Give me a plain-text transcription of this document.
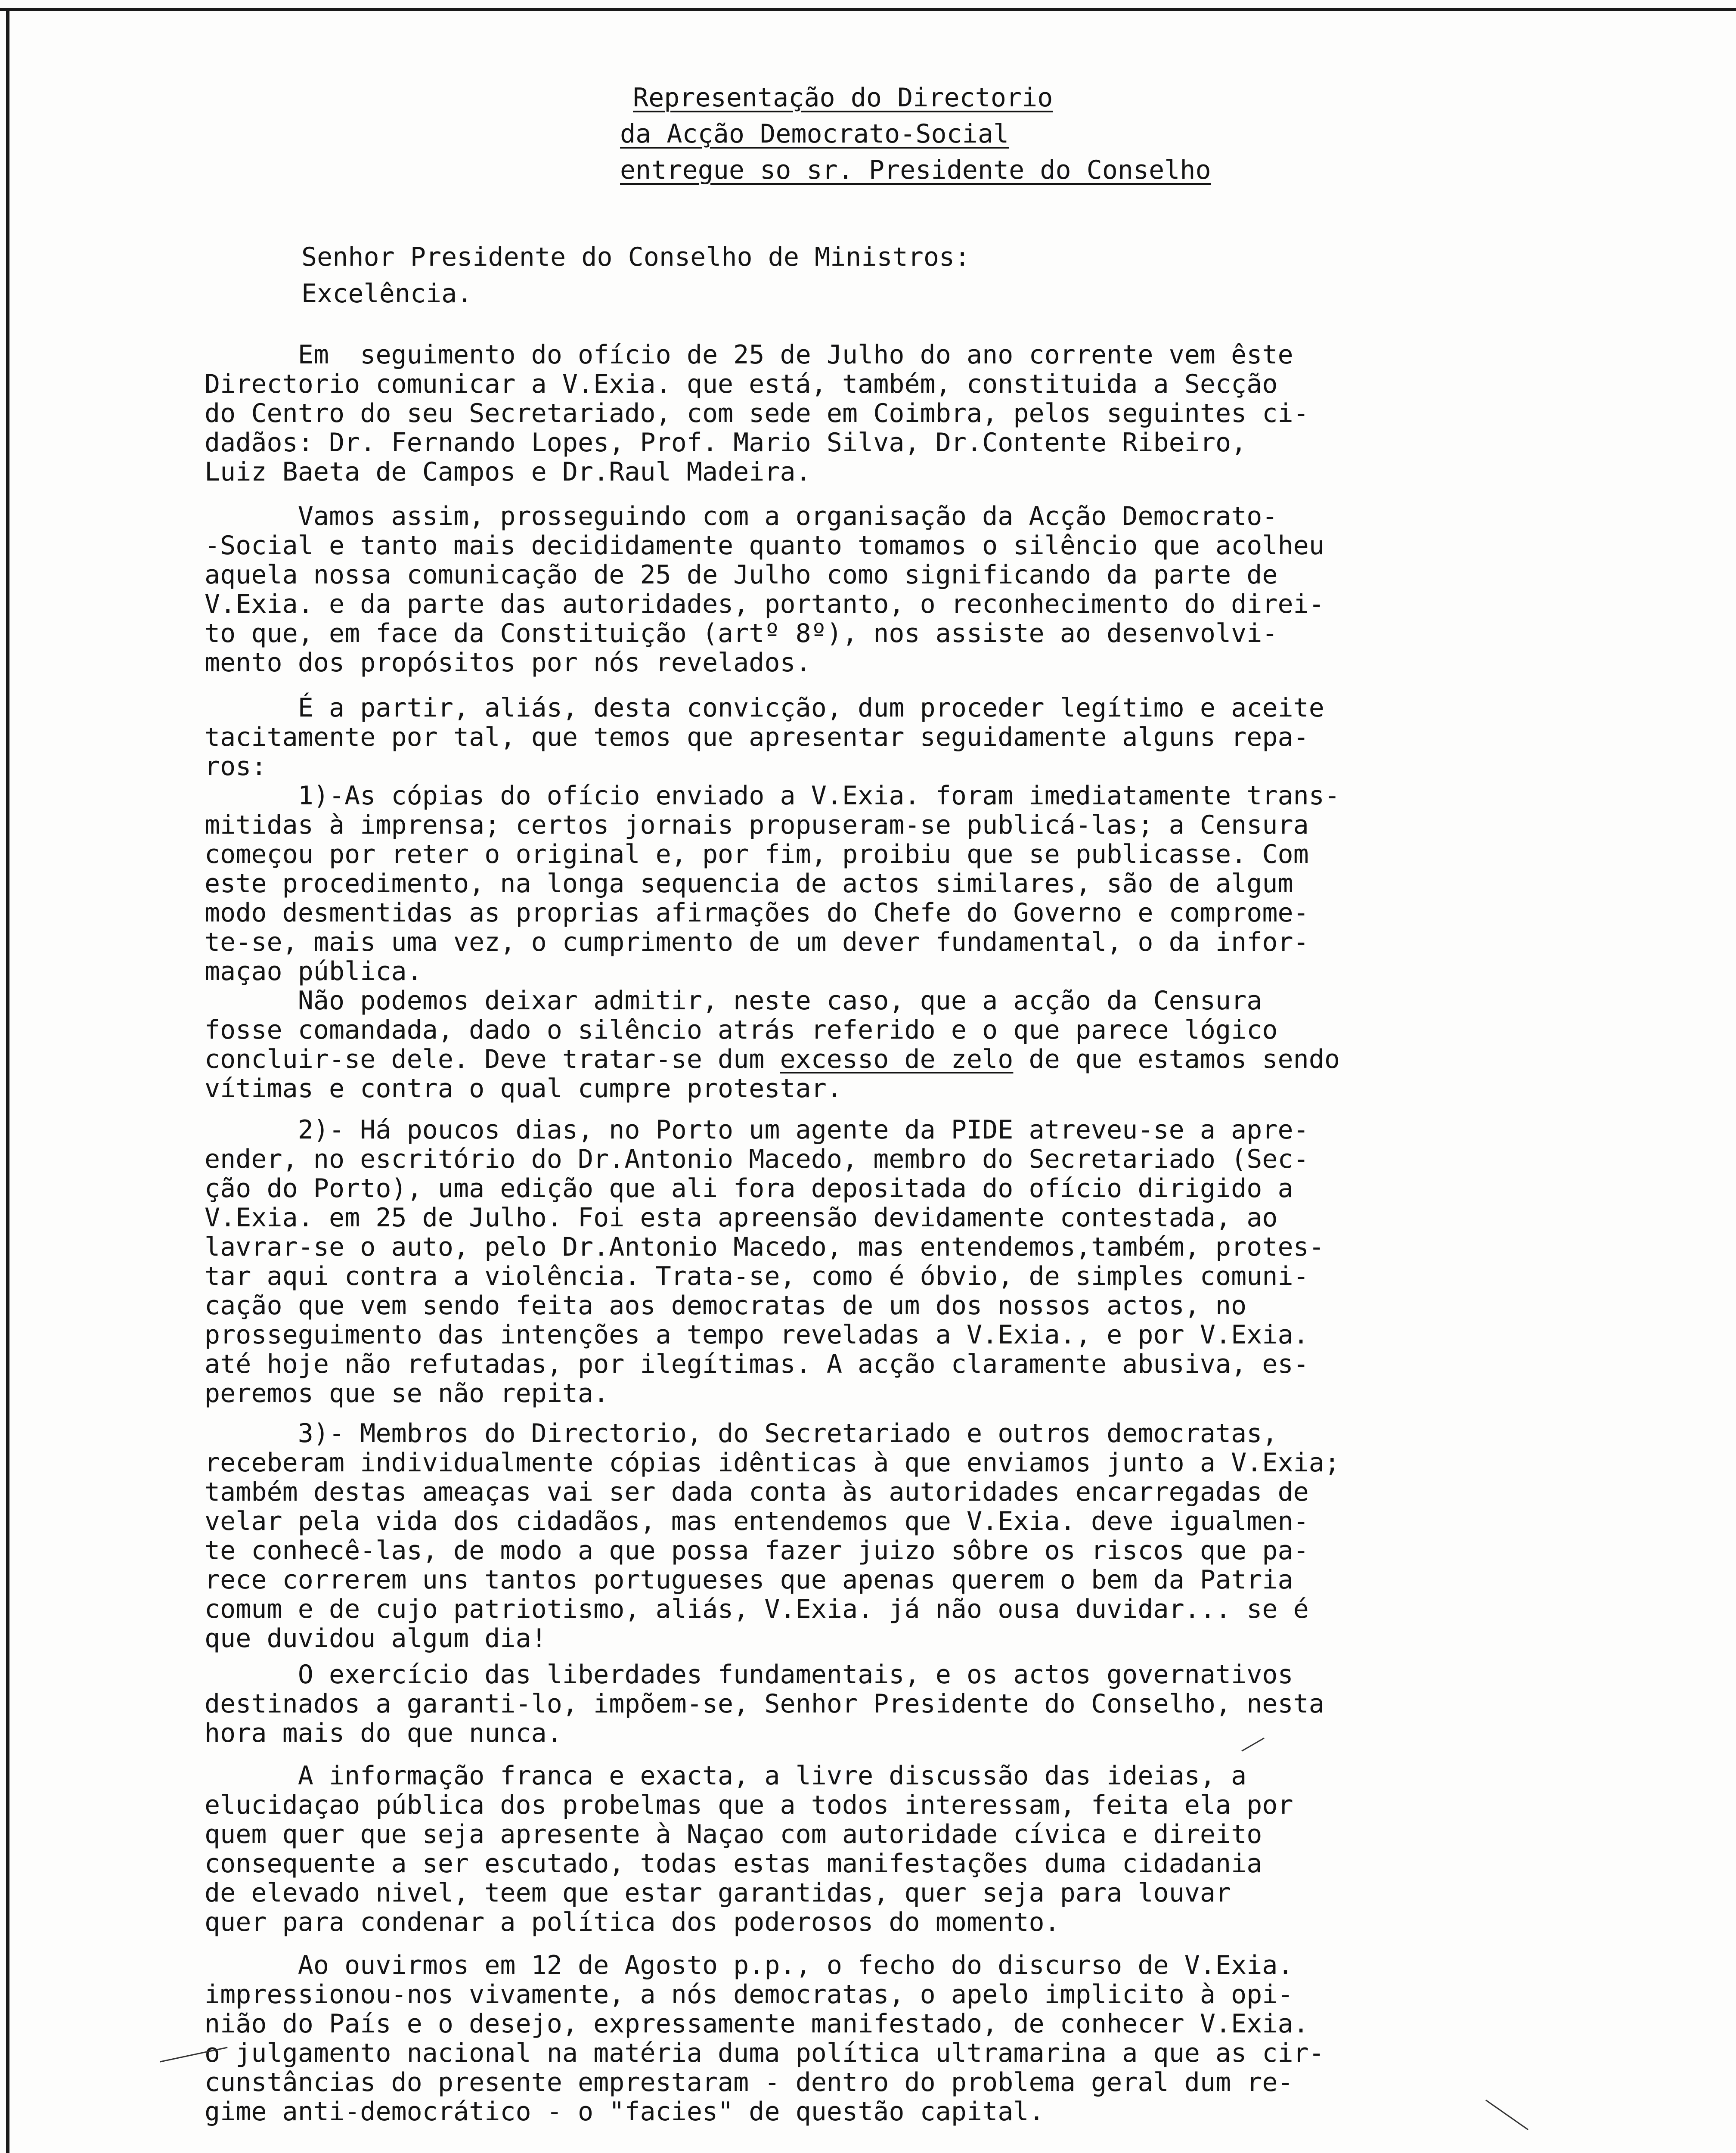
Representação do Directorio
da Acção Democrato-Social
entregue so sr. Presidente do Conselho
Senhor Presidente do Conselho de Ministros:
Excelência.
Em  seguimento do ofício de 25 de Julho do ano corrente vem êste
Directorio comunicar a V.Exia. que está, também, constituida a Secção
do Centro do seu Secretariado, com sede em Coimbra, pelos seguintes ci-
dadãos: Dr. Fernando Lopes, Prof. Mario Silva, Dr.Contente Ribeiro,
Luiz Baeta de Campos e Dr.Raul Madeira.
Vamos assim, prosseguindo com a organisação da Acção Democrato-
-Social e tanto mais decididamente quanto tomamos o silêncio que acolheu
aquela nossa comunicação de 25 de Julho como significando da parte de
V.Exia. e da parte das autoridades, portanto, o reconhecimento do direi-
to que, em face da Constituição (artº 8º), nos assiste ao desenvolvi-
mento dos propósitos por nós revelados.
É a partir, aliás, desta convicção, dum proceder legítimo e aceite
tacitamente por tal, que temos que apresentar seguidamente alguns repa-
ros:
1)-As cópias do ofício enviado a V.Exia. foram imediatamente trans-
mitidas à imprensa; certos jornais propuseram-se publicá-las; a Censura
começou por reter o original e, por fim, proibiu que se publicasse. Com
este procedimento, na longa sequencia de actos similares, são de algum
modo desmentidas as proprias afirmações do Chefe do Governo e comprome-
te-se, mais uma vez, o cumprimento de um dever fundamental, o da infor-
maçao pública.
Não podemos deixar admitir, neste caso, que a acção da Censura
fosse comandada, dado o silêncio atrás referido e o que parece lógico
concluir-se dele. Deve tratar-se dum excesso de zelo de que estamos sendo
vítimas e contra o qual cumpre protestar.
2)- Há poucos dias, no Porto um agente da PIDE atreveu-se a apre-
ender, no escritório do Dr.Antonio Macedo, membro do Secretariado (Sec-
ção do Porto), uma edição que ali fora depositada do ofício dirigido a
V.Exia. em 25 de Julho. Foi esta apreensão devidamente contestada, ao
lavrar-se o auto, pelo Dr.Antonio Macedo, mas entendemos,também, protes-
tar aqui contra a violência. Trata-se, como é óbvio, de simples comuni-
cação que vem sendo feita aos democratas de um dos nossos actos, no
prosseguimento das intenções a tempo reveladas a V.Exia., e por V.Exia.
até hoje não refutadas, por ilegítimas. A acção claramente abusiva, es-
peremos que se não repita.
3)- Membros do Directorio, do Secretariado e outros democratas,
receberam individualmente cópias idênticas à que enviamos junto a V.Exia;
também destas ameaças vai ser dada conta às autoridades encarregadas de
velar pela vida dos cidadãos, mas entendemos que V.Exia. deve igualmen-
te conhecê-las, de modo a que possa fazer juizo sôbre os riscos que pa-
rece correrem uns tantos portugueses que apenas querem o bem da Patria
comum e de cujo patriotismo, aliás, V.Exia. já não ousa duvidar... se é
que duvidou algum dia!
O exercício das liberdades fundamentais, e os actos governativos
destinados a garanti-lo, impõem-se, Senhor Presidente do Conselho, nesta
hora mais do que nunca.
A informação franca e exacta, a livre discussão das ideias, a
elucidaçao pública dos probelmas que a todos interessam, feita ela por
quem quer que seja apresente à Naçao com autoridade cívica e direito
consequente a ser escutado, todas estas manifestações duma cidadania
de elevado nivel, teem que estar garantidas, quer seja para louvar
quer para condenar a política dos poderosos do momento.
Ao ouvirmos em 12 de Agosto p.p., o fecho do discurso de V.Exia.
impressionou-nos vivamente, a nós democratas, o apelo implicito à opi-
nião do País e o desejo, expressamente manifestado, de conhecer V.Exia.
o julgamento nacional na matéria duma política ultramarina a que as cir-
cunstâncias do presente emprestaram - dentro do problema geral dum re-
gime anti-democrático - o "facies" de questão capital.
